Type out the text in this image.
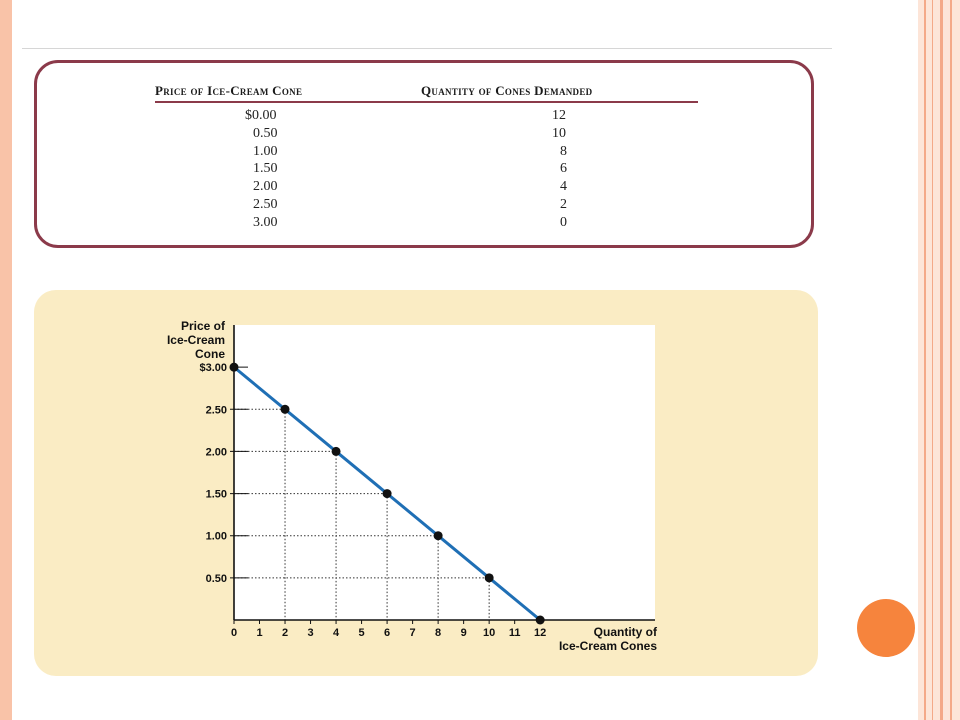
Price of Ice-Cream Cone	Quantity of Cones Demanded
$0.00	12
0.50	10
1.00	8
1.50	6
2.00	4
2.50	2
3.00	0
0 1 2 3 4 5 6 7 8 9 10 11 12
$3.00
2.50
2.00
1.50
1.00
0.50
Price of
Ice-Cream
Cone
Quantity of
Ice-Cream Cones
